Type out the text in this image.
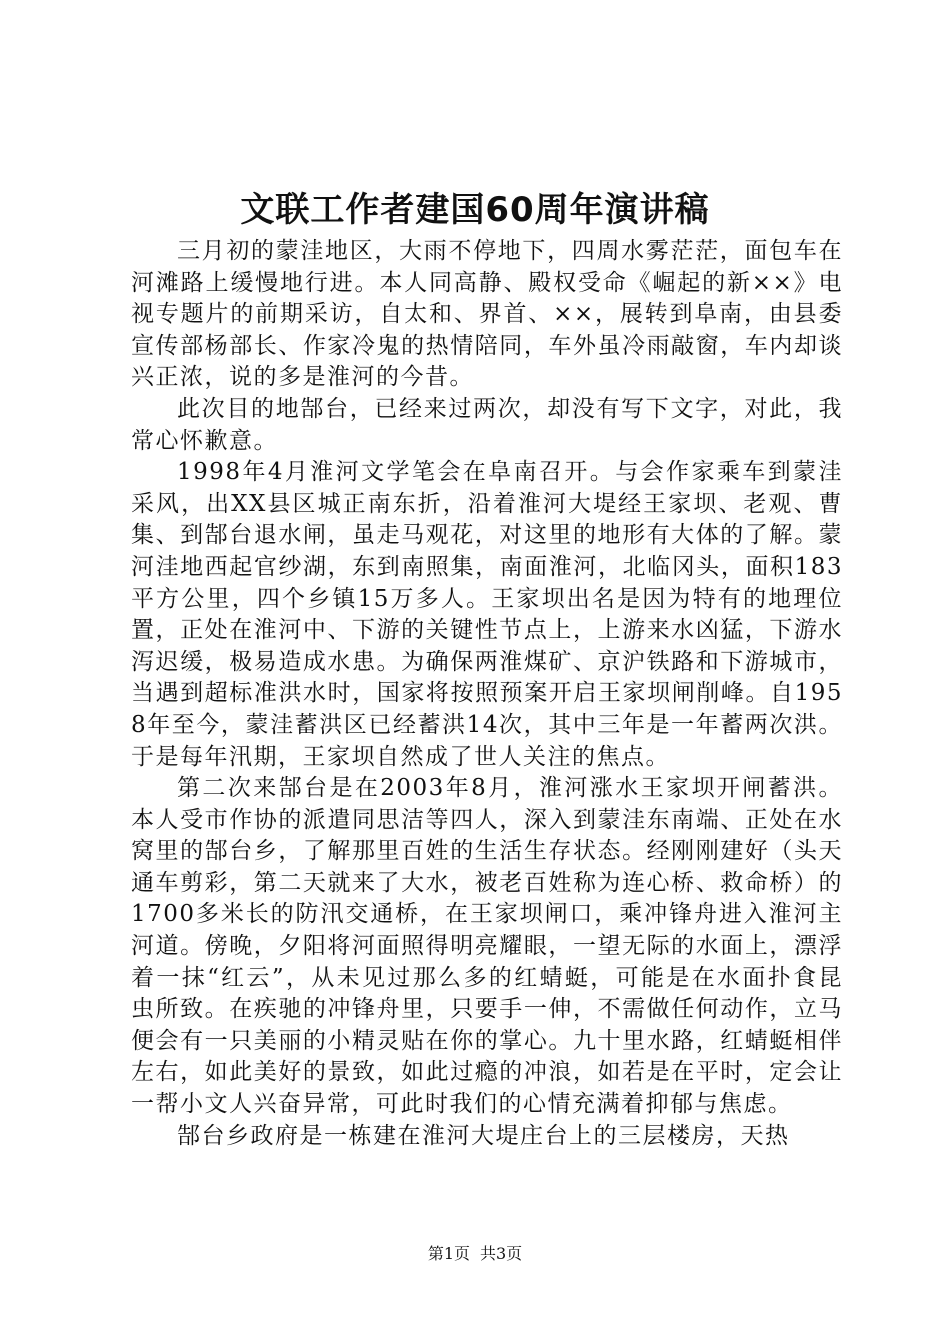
文联工作者建国60周年演讲稿

三月初的蒙洼地区，大雨不停地下，四周水雾茫茫，面包车在河滩路上缓慢地行进。本人同高静、殿权受命《崛起的新××》电视专题片的前期采访，自太和、界首、××，展转到阜南，由县委宣传部杨部长、作家冷鬼的热情陪同，车外虽冷雨敲窗，车内却谈兴正浓，说的多是淮河的今昔。

此次目的地郜台，已经来过两次，却没有写下文字，对此，我常心怀歉意。

1998年4月淮河文学笔会在阜南召开。与会作家乘车到蒙洼采风，出XX县区城正南东折，沿着淮河大堤经王家坝、老观、曹集、到郜台退水闸，虽走马观花，对这里的地形有大体的了解。蒙河洼地西起官纱湖，东到南照集，南面淮河，北临冈头，面积183平方公里，四个乡镇15万多人。王家坝出名是因为特有的地理位置，正处在淮河中、下游的关键性节点上，上游来水凶猛，下游水泻迟缓，极易造成水患。为确保两淮煤矿、京沪铁路和下游城市，当遇到超标准洪水时，国家将按照预案开启王家坝闸削峰。自1958年至今，蒙洼蓄洪区已经蓄洪14次，其中三年是一年蓄两次洪。于是每年汛期，王家坝自然成了世人关注的焦点。

第二次来郜台是在2003年8月，淮河涨水王家坝开闸蓄洪。本人受市作协的派遣同思洁等四人，深入到蒙洼东南端、正处在水窝里的郜台乡，了解那里百姓的生活生存状态。经刚刚建好（头天通车剪彩，第二天就来了大水，被老百姓称为连心桥、救命桥）的1700多米长的防汛交通桥，在王家坝闸口，乘冲锋舟进入淮河主河道。傍晚，夕阳将河面照得明亮耀眼，一望无际的水面上，漂浮着一抹“红云”，从未见过那么多的红蜻蜓，可能是在水面扑食昆虫所致。在疾驰的冲锋舟里，只要手一伸，不需做任何动作，立马便会有一只美丽的小精灵贴在你的掌心。九十里水路，红蜻蜓相伴左右，如此美好的景致，如此过瘾的冲浪，如若是在平时，定会让一帮小文人兴奋异常，可此时我们的心情充满着抑郁与焦虑。

郜台乡政府是一栋建在淮河大堤庄台上的三层楼房，天热

第1页 共3页
